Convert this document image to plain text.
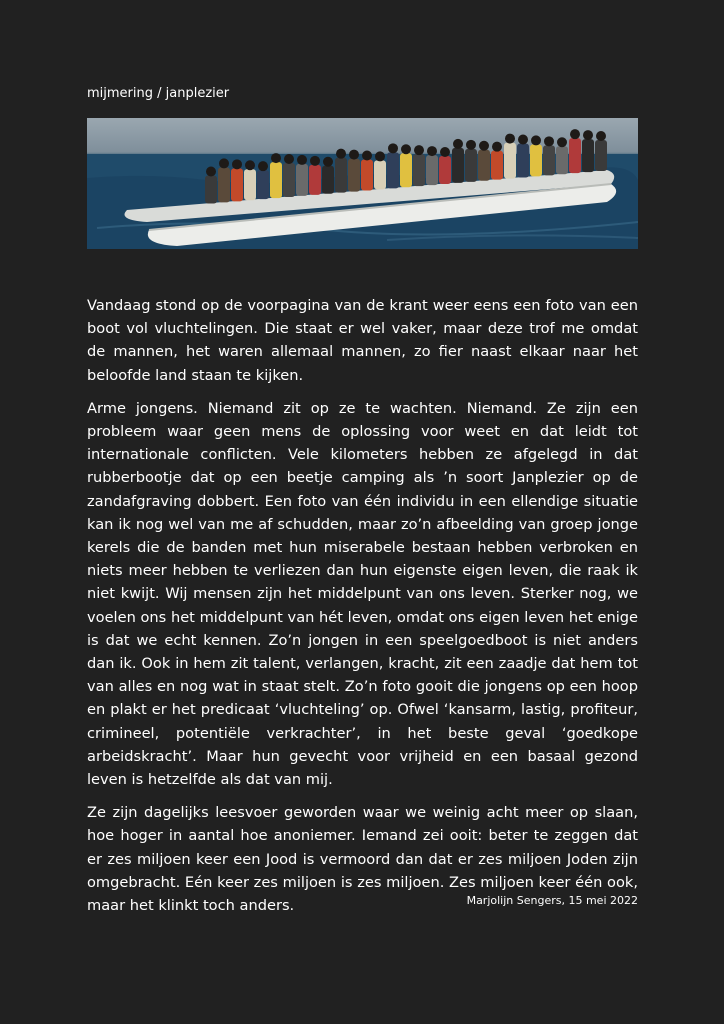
mijmering / janplezier

Vandaag stond op de voorpagina van de krant weer eens een foto van een boot vol vluchtelingen. Die staat er wel vaker, maar deze trof me omdat de mannen, het waren allemaal mannen, zo fier naast elkaar naar het beloofde land staan te kijken.

Arme jongens. Niemand zit op ze te wachten. Niemand. Ze zijn een probleem waar geen mens de oplossing voor weet en dat leidt tot internationale conflicten. Vele kilometers hebben ze afgelegd in dat rubberbootje dat op een beetje camping als ’n soort Janplezier op de zandafgraving dobbert. Een foto van één individu in een ellendige situatie kan ik nog wel van me af schudden, maar zo’n afbeelding van groep jonge kerels die de banden met hun miserabele bestaan hebben verbroken en niets meer hebben te verliezen dan hun eigenste eigen leven, die raak ik niet kwijt. Wij mensen zijn het middelpunt van ons leven. Sterker nog, we voelen ons het middelpunt van hét leven, omdat ons eigen leven het enige is dat we echt kennen. Zo’n jongen in een speelgoedboot is niet anders dan ik. Ook in hem zit talent, verlangen, kracht, zit een zaadje dat hem tot van alles en nog wat in staat stelt. Zo’n foto gooit die jongens op een hoop en plakt er het predicaat ‘vluchteling’ op. Ofwel ‘kansarm, lastig, profiteur, crimineel, potentiële verkrachter’, in het beste geval ‘goedkope arbeidskracht’. Maar hun gevecht voor vrijheid en een basaal gezond leven is hetzelfde als dat van mij.

Ze zijn dagelijks leesvoer geworden waar we weinig acht meer op slaan, hoe hoger in aantal hoe anoniemer. Iemand zei ooit: beter te zeggen dat er zes miljoen keer een Jood is vermoord dan dat er zes miljoen Joden zijn omgebracht. Eén keer zes miljoen is zes miljoen. Zes miljoen keer één ook, maar het klinkt toch anders.	Marjolijn Sengers, 15 mei 2022
